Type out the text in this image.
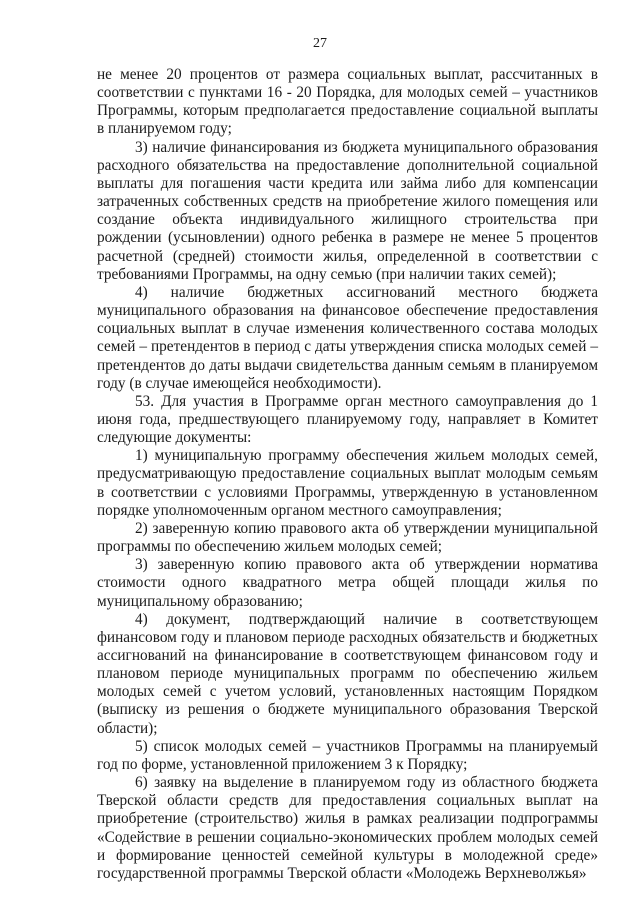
27

не менее 20 процентов от размера социальных выплат, рассчитанных в соответствии с пунктами 16 - 20 Порядка, для молодых семей – участников Программы, которым предполагается предоставление социальной выплаты в планируемом году;

3) наличие финансирования из бюджета муниципального образования расходного обязательства на предоставление дополнительной социальной выплаты для погашения части кредита или займа либо для компенсации затраченных собственных средств на приобретение жилого помещения или создание объекта индивидуального жилищного строительства при рождении (усыновлении) одного ребенка в размере не менее 5 процентов расчетной (средней) стоимости жилья, определенной в соответствии с требованиями Программы, на одну семью (при наличии таких семей);

4) наличие бюджетных ассигнований местного бюджета муниципального образования на финансовое обеспечение предоставления социальных выплат в случае изменения количественного состава молодых семей – претендентов в период с даты утверждения списка молодых семей – претендентов до даты выдачи свидетельства данным семьям в планируемом году (в случае имеющейся необходимости).

53. Для участия в Программе орган местного самоуправления до 1 июня года, предшествующего планируемому году, направляет в Комитет следующие документы:

1) муниципальную программу обеспечения жильем молодых семей, предусматривающую предоставление социальных выплат молодым семьям в соответствии с условиями Программы, утвержденную в установленном порядке уполномоченным органом местного самоуправления;

2) заверенную копию правового акта об утверждении муниципальной программы по обеспечению жильем молодых семей;

3) заверенную копию правового акта об утверждении норматива стоимости одного квадратного метра общей площади жилья по муниципальному образованию;

4) документ, подтверждающий наличие в соответствующем финансовом году и плановом периоде расходных обязательств и бюджетных ассигнований на финансирование в соответствующем финансовом году и плановом периоде муниципальных программ по обеспечению жильем молодых семей с учетом условий, установленных настоящим Порядком (выписку из решения о бюджете муниципального образования Тверской области);

5) список молодых семей – участников Программы на планируемый год по форме, установленной приложением 3 к Порядку;

6) заявку на выделение в планируемом году из областного бюджета Тверской области средств для предоставления социальных выплат на приобретение (строительство) жилья в рамках реализации подпрограммы «Содействие в решении социально-экономических проблем молодых семей и формирование ценностей семейной культуры в молодежной среде» государственной программы Тверской области «Молодежь Верхневолжья»
